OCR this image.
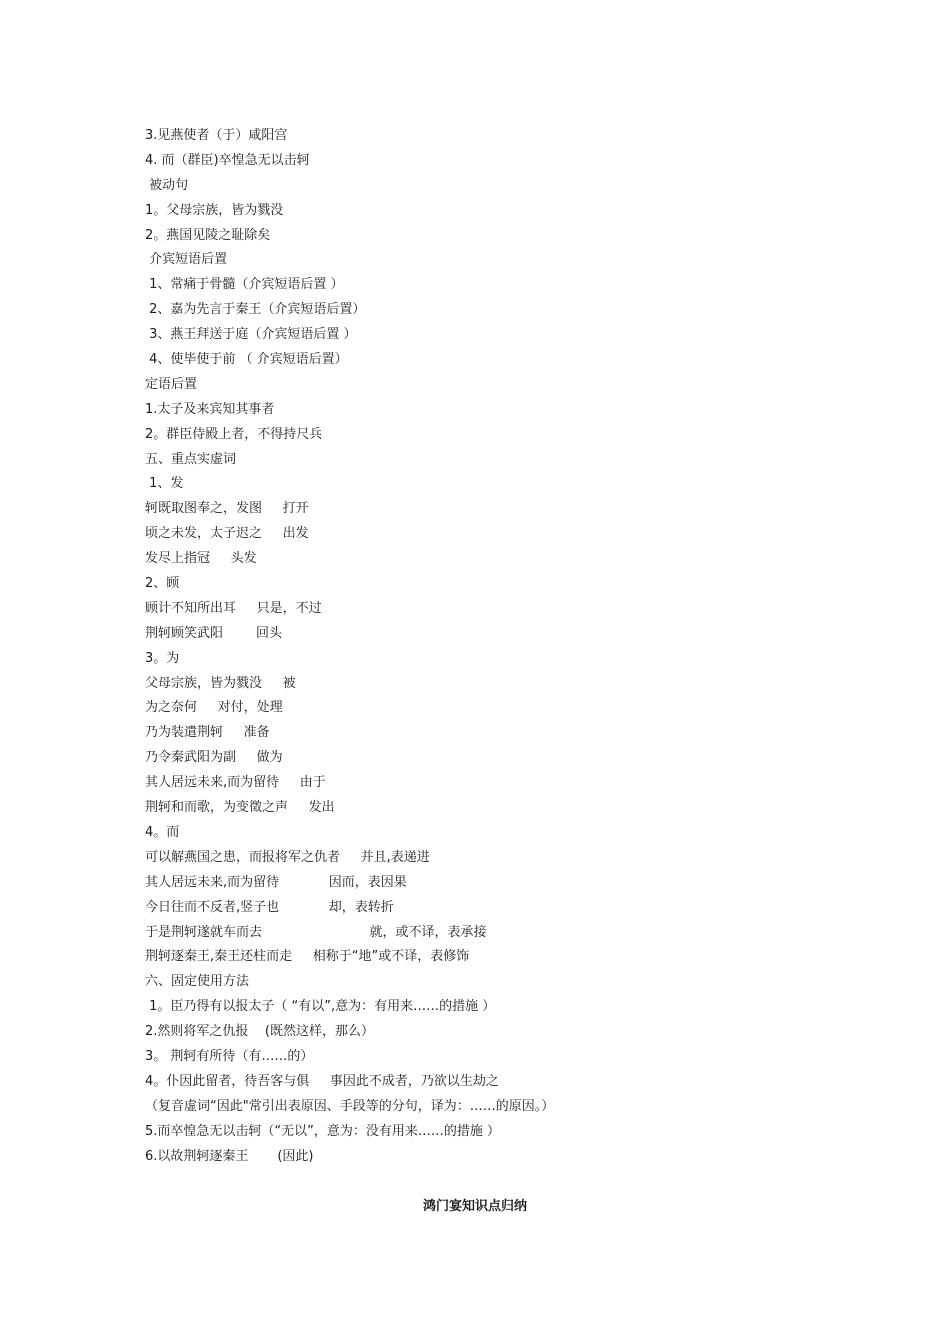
3.见燕使者（于）咸阳宫
4. 而（群臣)卒惶急无以击轲
被动句
1。父母宗族，皆为戮没
2。燕国见陵之耻除矣
介宾短语后置
1、常痛于骨髓（介宾短语后置 ）
2、嘉为先言于秦王（介宾短语后置）
3、燕王拜送于庭（介宾短语后置 ）
4、使毕使于前 （ 介宾短语后置）
定语后置
1.太子及来宾知其事者
2。群臣侍殿上者，不得持尺兵
五、重点实虚词
1、发
轲既取图奉之，发图     打开
顷之未发，太子迟之     出发
发尽上指冠     头发
2、顾
顾计不知所出耳     只是，不过
荆轲顾笑武阳        回头
3。为
父母宗族，皆为戮没     被
为之奈何     对付，处理
乃为装遣荆轲     准备
乃令秦武阳为副     做为
其人居远未来,而为留待     由于
荆轲和而歌，为变徵之声     发出
4。而
可以解燕国之患，而报将军之仇者     并且,表递进
其人居远未来,而为留待            因而，表因果
今日往而不反者,竖子也            却，表转折
于是荆轲遂就车而去                          就，或不译，表承接
荆轲逐秦王,秦王还柱而走     相称于“地”或不译，表修饰
六、固定使用方法
1。臣乃得有以报太子（ “有以”,意为：有用来……的措施 ）
2.然则将军之仇报    (既然这样，那么）
3。 荆轲有所待（有……的）
4。仆因此留者，待吾客与俱     事因此不成者，乃欲以生劫之
（复音虚词“因此"常引出表原因、手段等的分句，译为：……的原因。）
5.而卒惶急无以击轲（“无以”，意为：没有用来……的措施 ）
6.以故荆轲逐秦王       (因此)
鸿门宴知识点归纳
